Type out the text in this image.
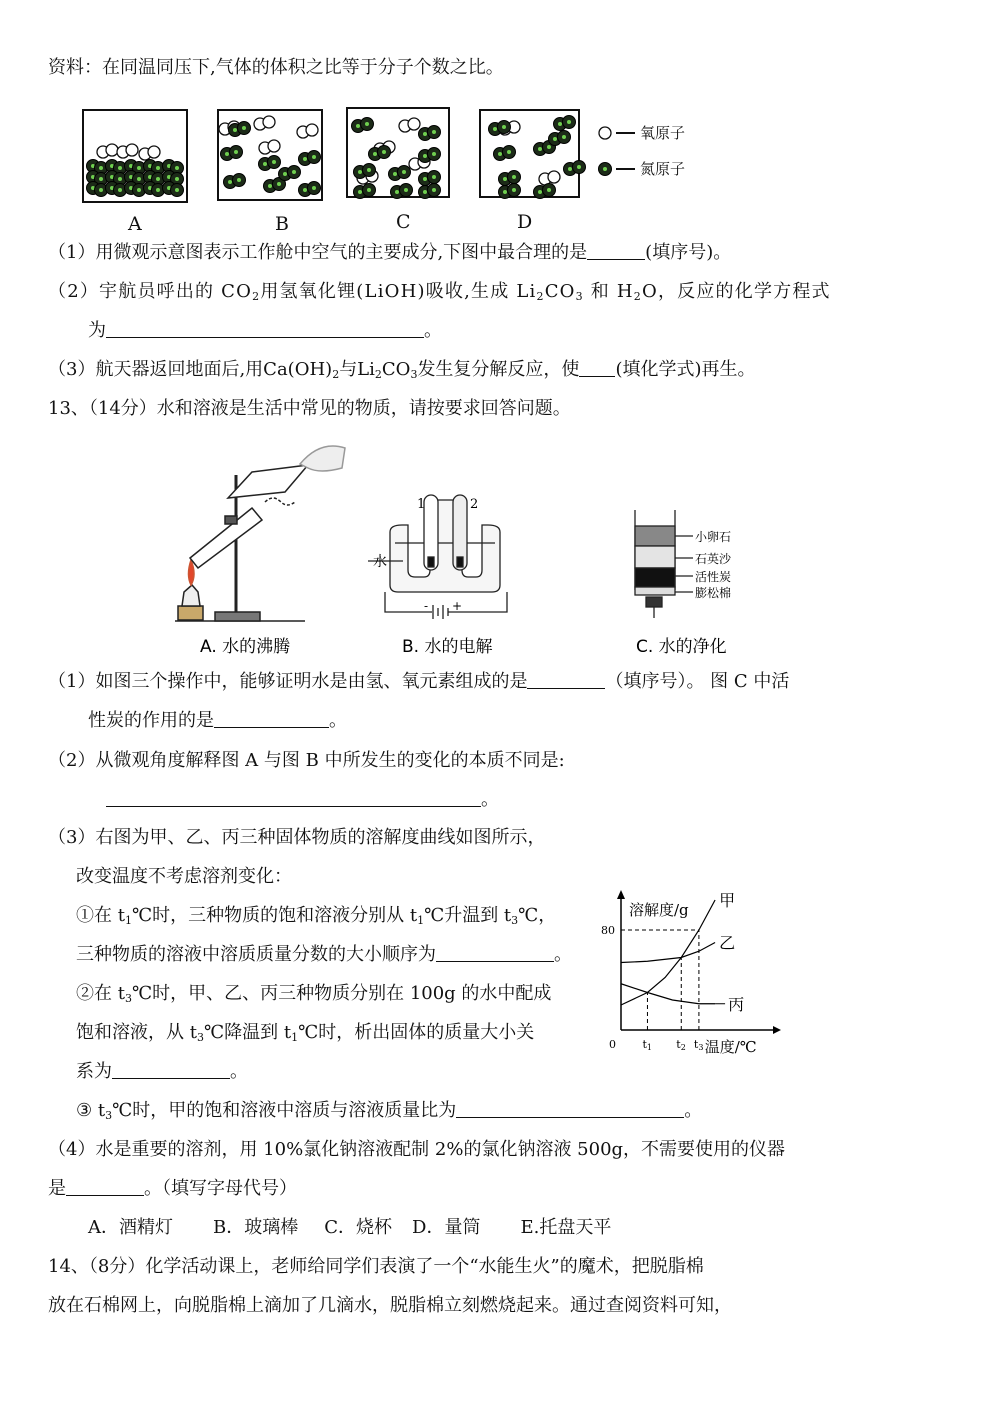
资料：在同温同压下,气体的体积之比等于分子个数之比。
A	B	C	D
氧原子
氮原子
（1）用微观示意图表示工作舱中空气的主要成分,下图中最合理的是	(填序号)。
（2）宇航员呼出的 $CO_2$用氢氧化锂(LiOH)吸收,生成 $Li_2CO_3$ 和 $H_2O$，反应的化学方程式
为	。
（3）航天器返回地面后,用$Ca(OH)_2$与$Li_2CO_3$发生复分解反应，使 (填化学式)再生。
13、（14分）水和溶液是生活中常见的物质，请按要求回答问题。
A. 水的沸腾
水
1	2
- +
B. 水的电解
小卵石
石英沙
活性炭
膨松棉
C. 水的净化
（1）如图三个操作中，能够证明水是由氢、氧元素组成的是	（填序号）。 图 C 中活
性炭的作用的是	。
（2）从微观角度解释图 A 与图 B 中所发生的变化的本质不同是:
。
（3）右图为甲、乙、丙三种固体物质的溶解度曲线如图所示，
改变温度不考虑溶剂变化：
①在 $t_1℃$时，三种物质的饱和溶液分别从 $t_1℃$升温到 $t_3℃$，
三种物质的溶液中溶质质量分数的大小顺序为	。
②在 $t_3℃$时，甲、乙、丙三种物质分别在 100g 的水中配成
饱和溶液，从 $t_3℃$降温到 $t_1℃$时，析出固体的质量大小关
系为	。
③ $t_3℃$时，甲的饱和溶液中溶质与溶液质量比为	。
溶解度/g
温度/℃
0
80
t1 t2 t3
甲
乙
丙
（4）水是重要的溶剂，用 10%氯化钠溶液配制 2%的氯化钠溶液 500g，不需要使用的仪器
是	。（填写字母代号）
A．酒精灯 B．玻璃棒 C．烧杯 D．量筒 E.托盘天平
14、（8分）化学活动课上，老师给同学们表演了一个“水能生火”的魔术，把脱脂棉
放在石棉网上，向脱脂棉上滴加了几滴水，脱脂棉立刻燃烧起来。通过查阅资料可知，
